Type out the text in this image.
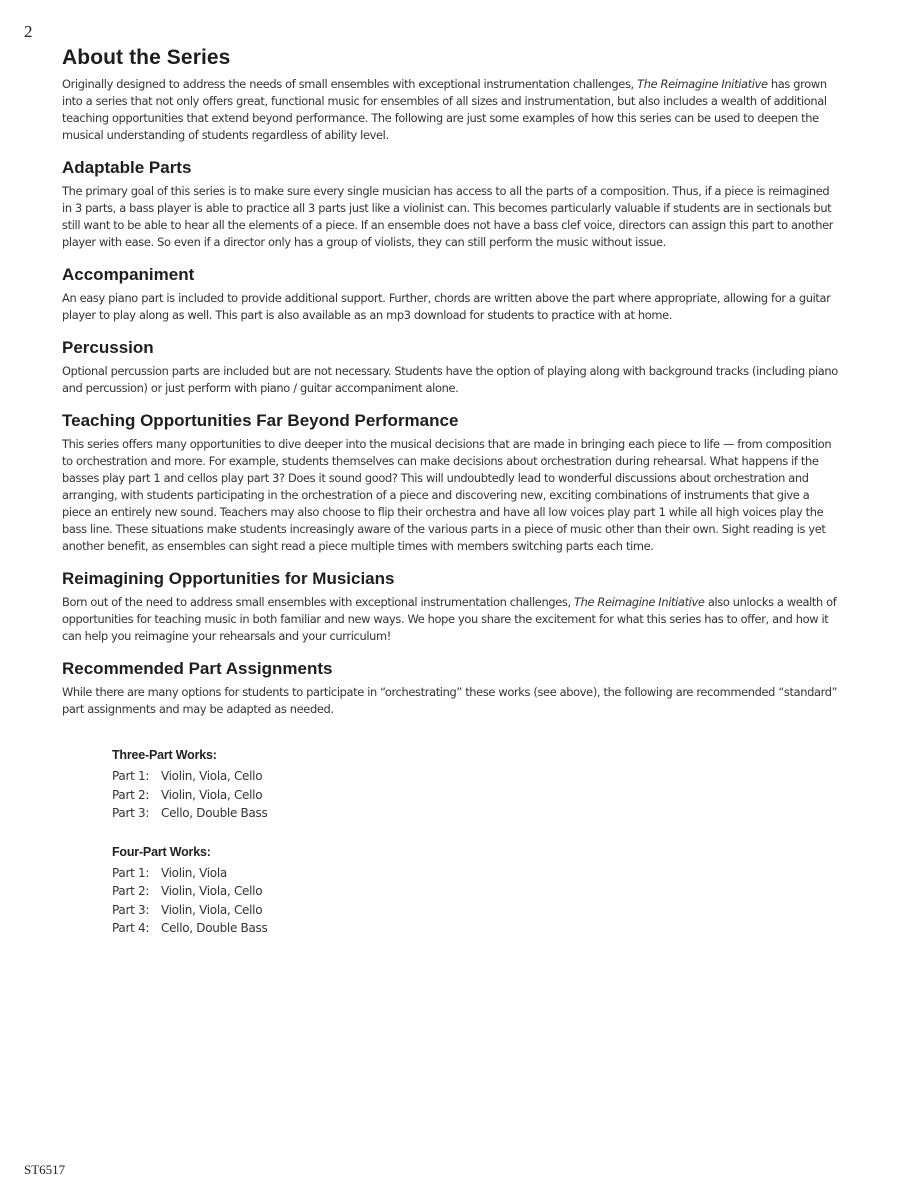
2
About the Series

Originally designed to address the needs of small ensembles with exceptional instrumentation challenges, The Reimagine Initiative has grown into a series that not only offers great, functional music for ensembles of all sizes and instrumentation, but also includes a wealth of additional teaching opportunities that extend beyond performance. The following are just some examples of how this series can be used to deepen the musical understanding of students regardless of ability level.

Adaptable Parts

The primary goal of this series is to make sure every single musician has access to all the parts of a composition. Thus, if a piece is reimagined in 3 parts, a bass player is able to practice all 3 parts just like a violinist can. This becomes particularly valuable if students are in sectionals but still want to be able to hear all the elements of a piece. If an ensemble does not have a bass clef voice, directors can assign this part to another player with ease. So even if a director only has a group of violists, they can still perform the music without issue.

Accompaniment

An easy piano part is included to provide additional support. Further, chords are written above the part where appropriate, allowing for a guitar player to play along as well. This part is also available as an mp3 download for students to practice with at home.

Percussion

Optional percussion parts are included but are not necessary. Students have the option of playing along with background tracks (including piano and percussion) or just perform with piano / guitar accompaniment alone.

Teaching Opportunities Far Beyond Performance

This series offers many opportunities to dive deeper into the musical decisions that are made in bringing each piece to life — from composition to orchestration and more. For example, students themselves can make decisions about orchestration during rehearsal. What happens if the basses play part 1 and cellos play part 3? Does it sound good? This will undoubtedly lead to wonderful discussions about orchestration and arranging, with students participating in the orchestration of a piece and discovering new, exciting combinations of instruments that give a piece an entirely new sound. Teachers may also choose to flip their orchestra and have all low voices play part 1 while all high voices play the bass line. These situations make students increasingly aware of the various parts in a piece of music other than their own. Sight reading is yet another benefit, as ensembles can sight read a piece multiple times with members switching parts each time.

Reimagining Opportunities for Musicians

Born out of the need to address small ensembles with exceptional instrumentation challenges, The Reimagine Initiative also unlocks a wealth of opportunities for teaching music in both familiar and new ways. We hope you share the excitement for what this series has to offer, and how it can help you reimagine your rehearsals and your curriculum!

Recommended Part Assignments

While there are many options for students to participate in “orchestrating” these works (see above), the following are recommended “standard” part assignments and may be adapted as needed.

Three-Part Works:
Part 1: Violin, Viola, Cello
Part 2: Violin, Viola, Cello
Part 3: Cello, Double Bass
Four-Part Works:
Part 1: Violin, Viola
Part 2: Violin, Viola, Cello
Part 3: Violin, Viola, Cello
Part 4: Cello, Double Bass
ST6517
